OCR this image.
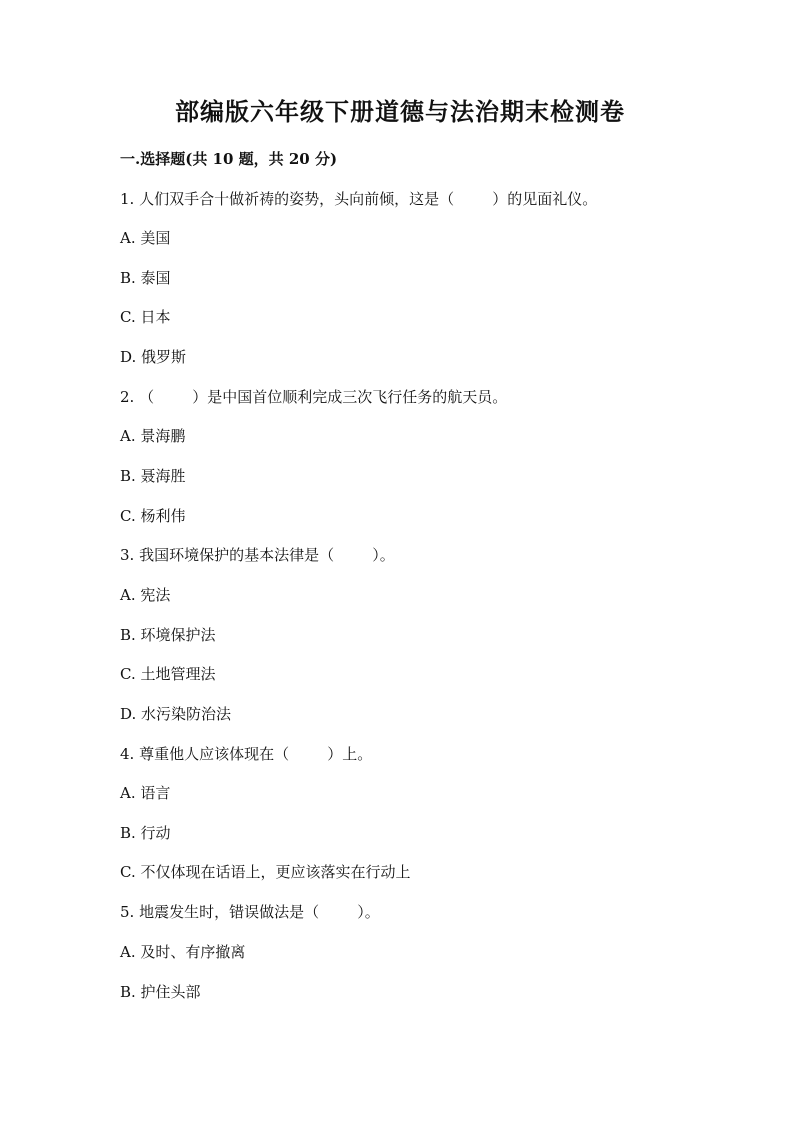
部编版六年级下册道德与法治期末检测卷
一.选择题(共 10 题，共 20 分)
1. 人们双手合十做祈祷的姿势，头向前倾，这是（        ）的见面礼仪。
A. 美国
B. 泰国
C. 日本
D. 俄罗斯
2. （        ）是中国首位顺利完成三次飞行任务的航天员。
A. 景海鹏
B. 聂海胜
C. 杨利伟
3. 我国环境保护的基本法律是（        ）。
A. 宪法
B. 环境保护法
C. 土地管理法
D. 水污染防治法
4. 尊重他人应该体现在（        ）上。
A. 语言
B. 行动
C. 不仅体现在话语上，更应该落实在行动上
5. 地震发生时，错误做法是（        ）。
A. 及时、有序撤离
B. 护住头部
